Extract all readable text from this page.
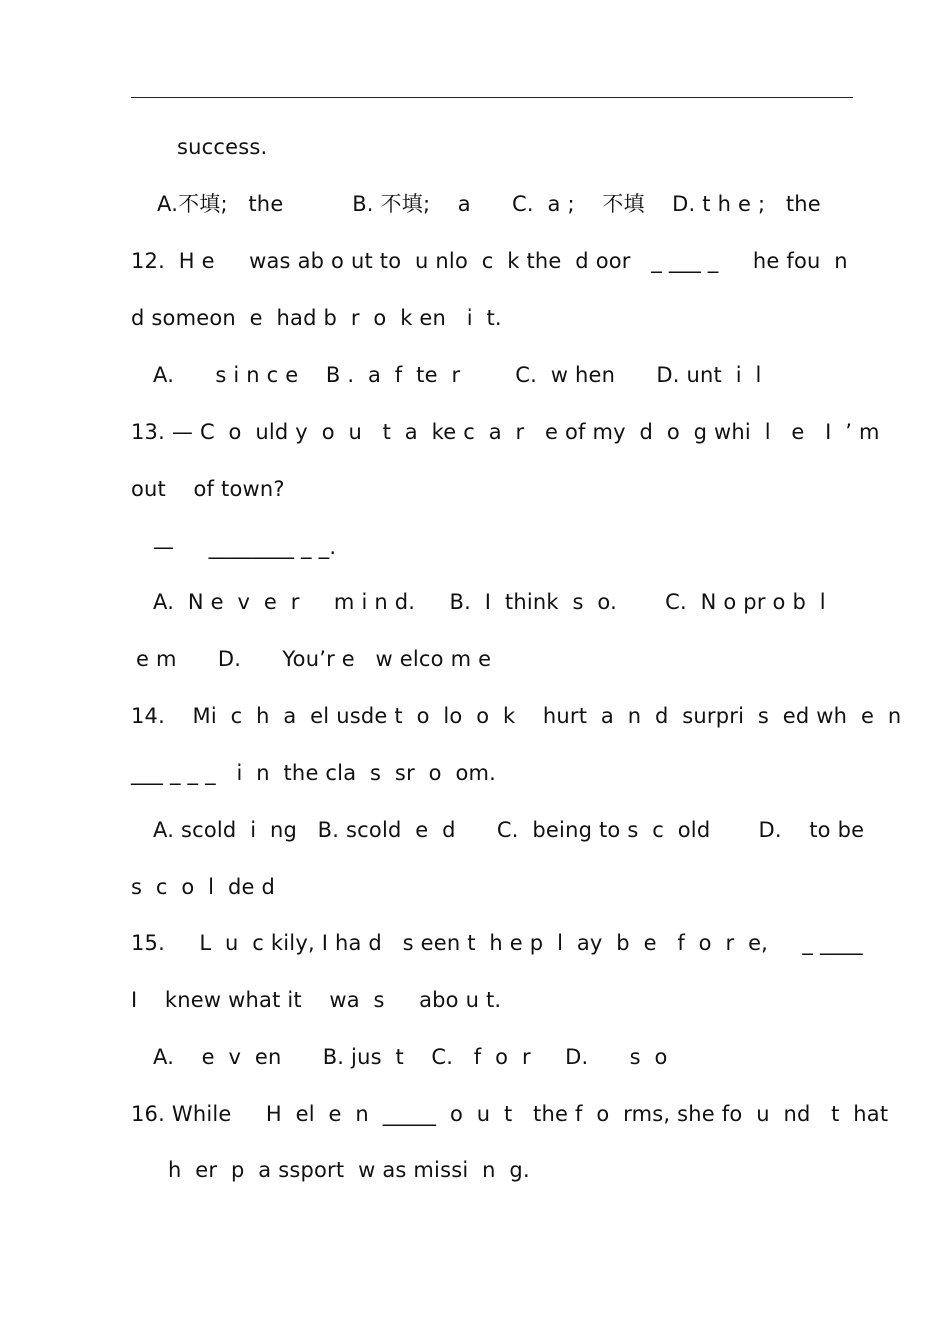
success.
A.不填;   the          B. 不填;    a      C.  a ;    不填    D. t h e ;   the
12.  H e     was ab o ut to  u nlo  c  k the  d oor   _ ___ _     he fou  n
d someon  e  had b  r  o  k en   i  t.
A.      s i n c e    B .  a  f  te  r        C.  w hen      D. unt  i  l
13. — C  o  uld y  o  u   t  a  ke c  a  r   e of my  d  o  g whi  l   e   I  ’ m
out    of town?
—     ________ _ _.
A.  N e  v  e  r     m i n d.     B.  I  think  s  o.       C.  N o pr o b  l
e m      D.      You’r e   w elco m e
14.    Mi  c  h  a  el usde t  o  lo  o  k    hurt  a  n  d  surpri  s  ed wh  e  n
___ _ _ _   i  n  the cla  s  sr  o  om.
A. scold  i  ng   B. scold  e  d      C.  being to s  c  old       D.    to be
s  c  o  l  de d
15.     L  u  c kily, I ha d   s een t  h e p  l  ay  b  e   f  o  r  e,     _ ____
I    knew what it    wa  s     abo u t.
A.    e  v  en      B. jus  t    C.   f  o  r     D.      s  o
16. While     H  el  e  n  _____  o  u  t   the f  o  rms, she fo  u  nd   t  hat
h  er  p  a ssport  w as missi  n  g.
